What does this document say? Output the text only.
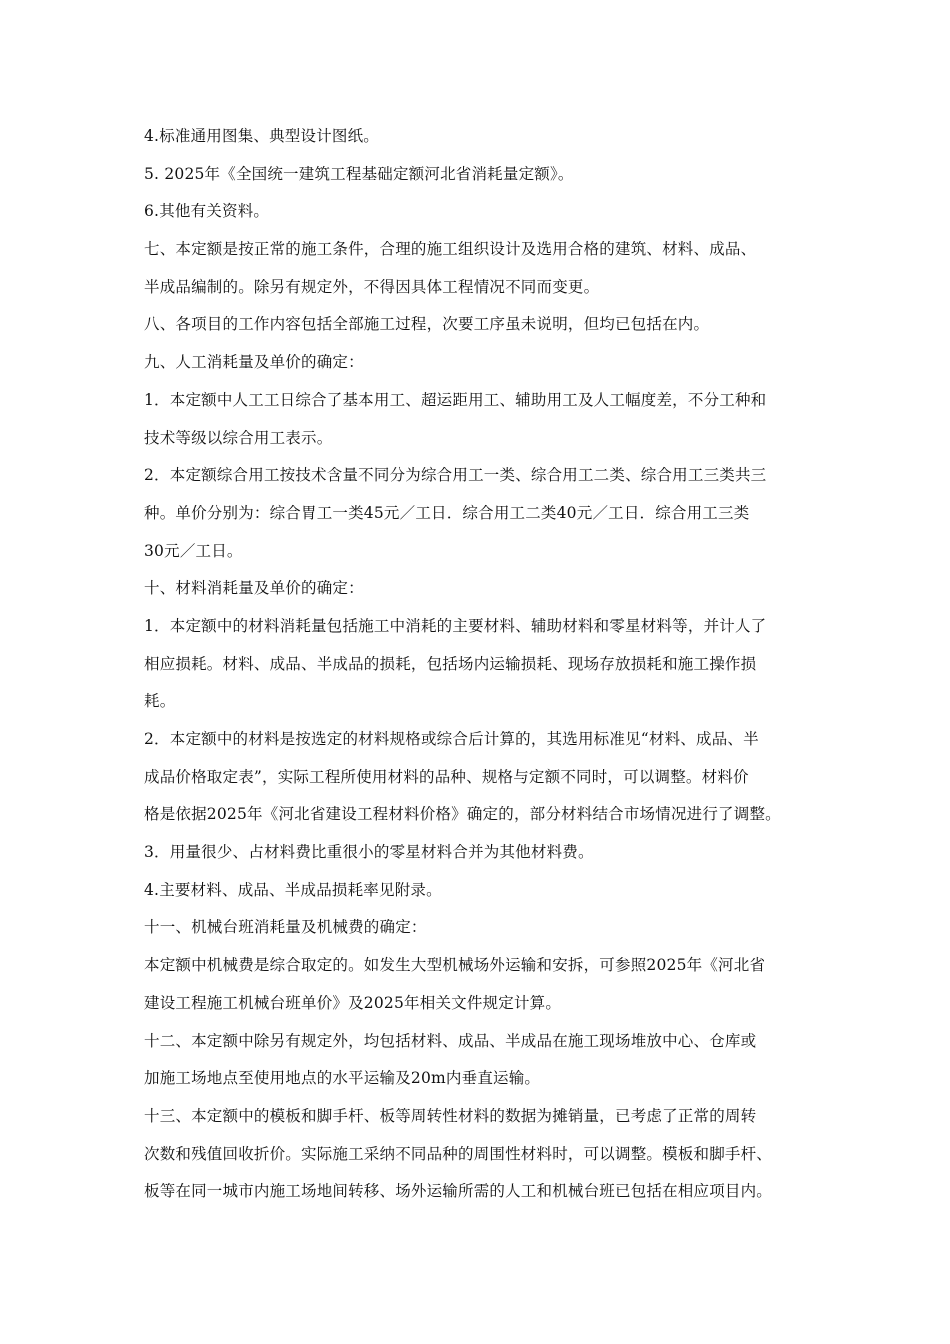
4.标准通用图集、典型设计图纸。
5. 2025年《全国统一建筑工程基础定额河北省消耗量定额》。
6.其他有关资料。
七、本定额是按正常的施工条件，合理的施工组织设计及选用合格的建筑、材料、成品、
半成品编制的。除另有规定外，不得因具体工程情况不同而变更。
八、各项目的工作内容包括全部施工过程，次要工序虽未说明，但均已包括在内。
九、人工消耗量及单价的确定：
1．本定额中人工工日综合了基本用工、超运距用工、辅助用工及人工幅度差，不分工种和
技术等级以综合用工表示。
2．本定额综合用工按技术含量不同分为综合用工一类、综合用工二类、综合用工三类共三
种。单价分别为：综合胃工一类45元／工日．综合用工二类40元／工日．综合用工三类
30元／工日。
十、材料消耗量及单价的确定：
1．本定额中的材料消耗量包括施工中消耗的主要材料、辅助材料和零星材料等，并计人了
相应损耗。材料、成品、半成品的损耗，包括场内运输损耗、现场存放损耗和施工操作损
耗。
2．本定额中的材料是按选定的材料规格或综合后计算的，其选用标准见“材料、成品、半
成品价格取定表”，实际工程所使用材料的品种、规格与定额不同时，可以调整。材料价
格是依据2025年《河北省建设工程材料价格》确定的，部分材料结合市场情况进行了调整。
3．用量很少、占材料费比重很小的零星材料合并为其他材料费。
4.主要材料、成品、半成品损耗率见附录。
十一、机械台班消耗量及机械费的确定：
本定额中机械费是综合取定的。如发生大型机械场外运输和安拆，可参照2025年《河北省
建设工程施工机械台班单价》及2025年相关文件规定计算。
十二、本定额中除另有规定外，均包括材料、成品、半成品在施工现场堆放中心、仓库或
加施工场地点至使用地点的水平运输及20m内垂直运输。
十三、本定额中的模板和脚手杆、板等周转性材料的数据为摊销量，已考虑了正常的周转
次数和残值回收折价。实际施工采纳不同品种的周围性材料时，可以调整。模板和脚手杆、
板等在同一城市内施工场地间转移、场外运输所需的人工和机械台班已包括在相应项目内。
